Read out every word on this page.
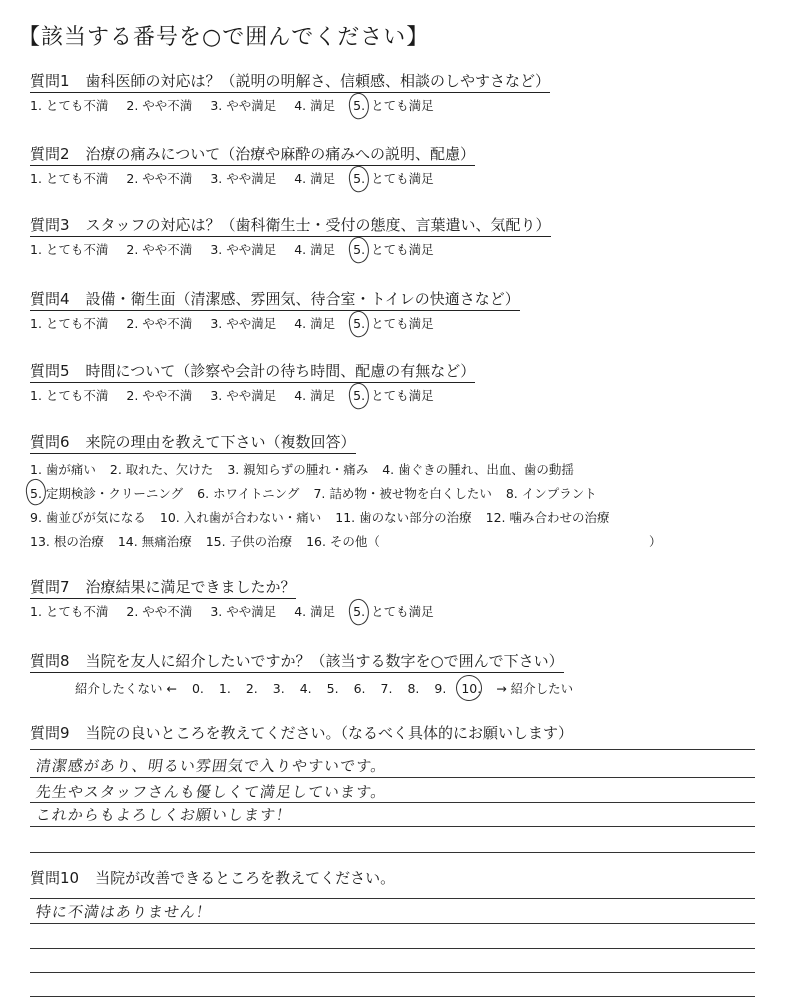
【該当する番号を○で囲んでください】
質問1 歯科医師の対応は？（説明の明解さ、信頼感、相談のしやすさなど）
1. とても不満 2. やや不満 3. やや満足 4. 満足 5. とても満足
質問2 治療の痛みについて（治療や麻酔の痛みへの説明、配慮）
1. とても不満 2. やや不満 3. やや満足 4. 満足 5. とても満足
質問3 スタッフの対応は？（歯科衛生士・受付の態度、言葉遣い、気配り）
1. とても不満 2. やや不満 3. やや満足 4. 満足 5. とても満足
質問4 設備・衛生面（清潔感、雰囲気、待合室・トイレの快適さなど）
1. とても不満 2. やや不満 3. やや満足 4. 満足 5. とても満足
質問5 時間について（診察や会計の待ち時間、配慮の有無など）
1. とても不満 2. やや不満 3. やや満足 4. 満足 5. とても満足
質問6 来院の理由を教えて下さい（複数回答）
1. 歯が痛い 2. 取れた、欠けた 3. 親知らずの腫れ・痛み 4. 歯ぐきの腫れ、出血、歯の動揺
5. 定期検診・クリーニング 6. ホワイトニング 7. 詰め物・被せ物を白くしたい 8. インプラント
9. 歯並びが気になる 10. 入れ歯が合わない・痛い 11. 歯のない部分の治療 12. 噛み合わせの治療
13. 根の治療 14. 無痛治療 15. 子供の治療 16. その他（	）
質問7 治療結果に満足できましたか？
1. とても不満 2. やや不満 3. やや満足 4. 満足 5. とても満足
質問8 当院を友人に紹介したいですか？（該当する数字を○で囲んで下さい）
紹介したくない ← 0. 1. 2. 3. 4. 5. 6. 7. 8. 9. 10. → 紹介したい
質問9 当院の良いところを教えてください。（なるべく具体的にお願いします）
清潔感があり、明るい雰囲気で入りやすいです。
先生やスタッフさんも優しくて満足しています。
これからもよろしくお願いします！
質問10 当院が改善できるところを教えてください。
特に不満はありません！
